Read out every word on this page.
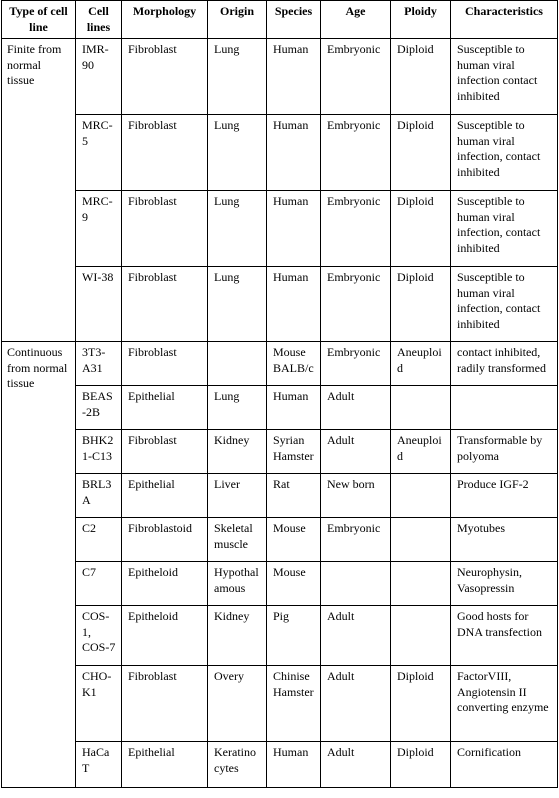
Type of cell line	Cell lines	Morphology	Origin	Species	Age	Ploidy	Characteristics
Finite from normal tissue	IMR-90	Fibroblast	Lung	Human	Embryonic	Diploid	Susceptible to human viral infection contact inhibited
	MRC-5	Fibroblast	Lung	Human	Embryonic	Diploid	Susceptible to human viral infection, contact inhibited
	MRC-9	Fibroblast	Lung	Human	Embryonic	Diploid	Susceptible to human viral infection, contact inhibited
	WI-38	Fibroblast	Lung	Human	Embryonic	Diploid	Susceptible to human viral infection, contact inhibited
Continuous from normal tissue	3T3-A31	Fibroblast		Mouse BALB/c	Embryonic	Aneuploid	contact inhibited, radily transformed
	BEAS-2B	Epithelial	Lung	Human	Adult		
	BHK21-C13	Fibroblast	Kidney	Syrian Hamster	Adult	Aneuploid	Transformable by polyoma
	BRL3A	Epithelial	Liver	Rat	New born		Produce IGF-2
	C2	Fibroblastoid	Skeletal muscle	Mouse	Embryonic		Myotubes
	C7	Epitheloid	Hypothalamous	Mouse			Neurophysin, Vasopressin
	COS-1, COS-7	Epitheloid	Kidney	Pig	Adult		Good hosts for DNA transfection
	CHO-K1	Fibroblast	Overy	Chinise Hamster	Adult	Diploid	FactorVIII, Angiotensin II converting enzyme
	HaCaT	Epithelial	Keratinocytes	Human	Adult	Diploid	Cornification
